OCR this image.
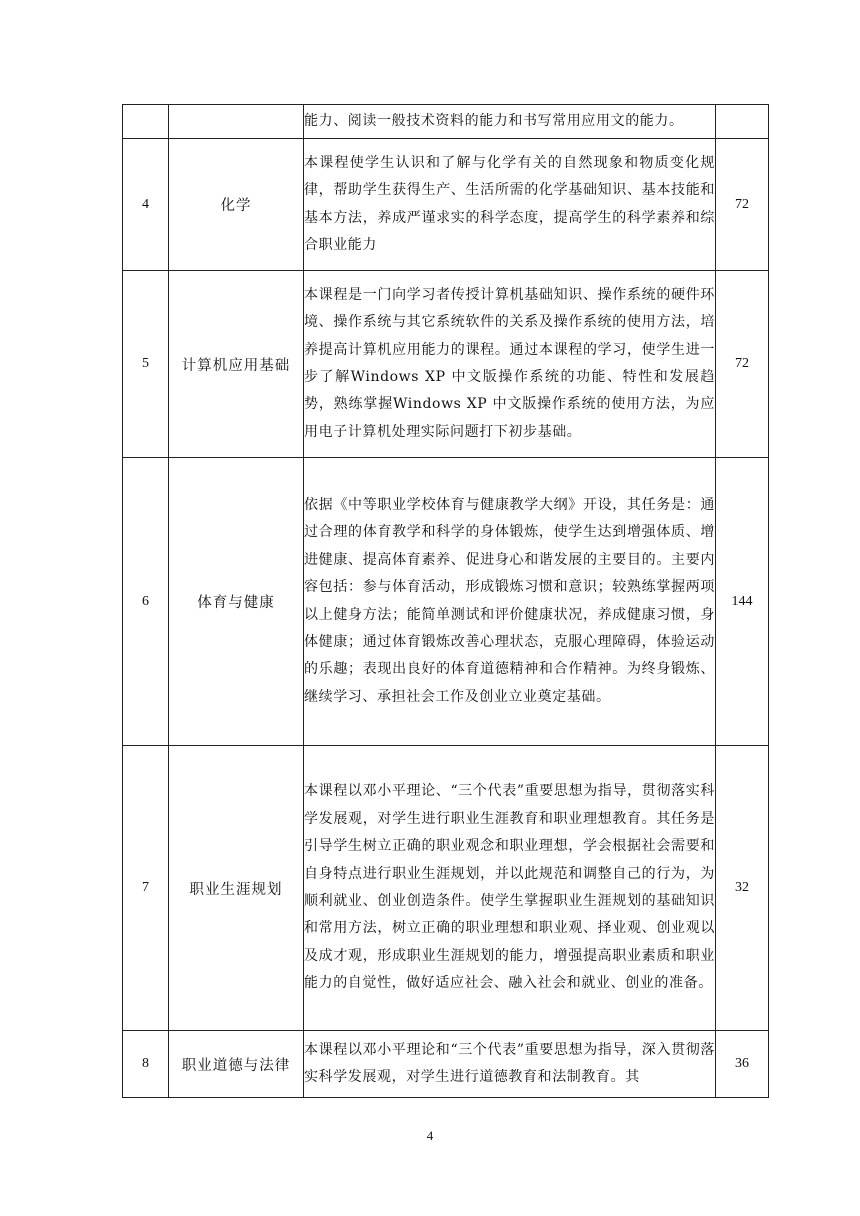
		能力、阅读一般技术资料的能力和书写常用应用文的能力。	
4	化学	本课程使学生认识和了解与化学有关的自然现象和物质变化规律，帮助学生获得生产、生活所需的化学基础知识、基本技能和基本方法，养成严谨求实的科学态度，提高学生的科学素养和综合职业能力	72
5	计算机应用基础	本课程是一门向学习者传授计算机基础知识、操作系统的硬件环境、操作系统与其它系统软件的关系及操作系统的使用方法，培养提高计算机应用能力的课程。通过本课程的学习，使学生进一步了解Windows XP 中文版操作系统的功能、特性和发展趋势，熟练掌握Windows XP 中文版操作系统的使用方法，为应用电子计算机处理实际问题打下初步基础。	72
6	体育与健康	依据《中等职业学校体育与健康教学大纲》开设，其任务是：通过合理的体育教学和科学的身体锻炼，使学生达到增强体质、增进健康、提高体育素养、促进身心和谐发展的主要目的。主要内容包括：参与体育活动，形成锻炼习惯和意识；较熟练掌握两项以上健身方法；能简单测试和评价健康状况，养成健康习惯，身体健康；通过体育锻炼改善心理状态，克服心理障碍，体验运动的乐趣；表现出良好的体育道德精神和合作精神。为终身锻炼、继续学习、承担社会工作及创业立业奠定基础。	144
7	职业生涯规划	本课程以邓小平理论、“三个代表”重要思想为指导，贯彻落实科学发展观，对学生进行职业生涯教育和职业理想教育。其任务是引导学生树立正确的职业观念和职业理想，学会根据社会需要和自身特点进行职业生涯规划，并以此规范和调整自己的行为，为顺利就业、创业创造条件。使学生掌握职业生涯规划的基础知识和常用方法，树立正确的职业理想和职业观、择业观、创业观以及成才观，形成职业生涯规划的能力，增强提高职业素质和职业能力的自觉性，做好适应社会、融入社会和就业、创业的准备。	32
8	职业道德与法律	本课程以邓小平理论和“三个代表”重要思想为指导，深入贯彻落实科学发展观，对学生进行道德教育和法制教育。其	36
4
